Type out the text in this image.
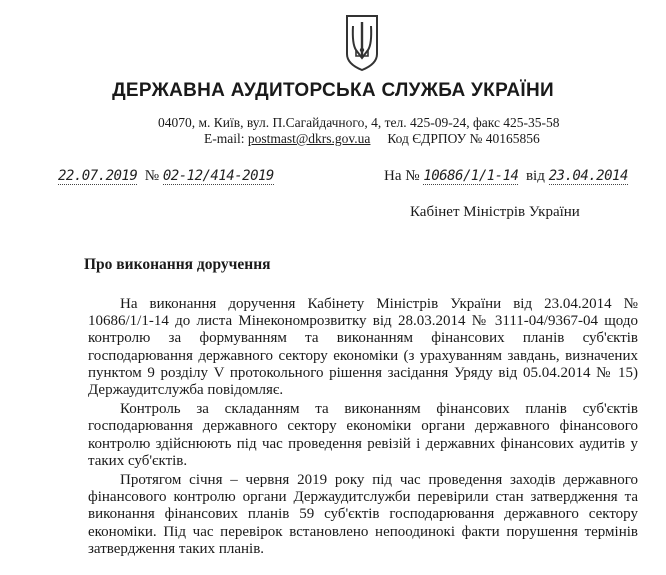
ДЕРЖАВНА АУДИТОРСЬКА СЛУЖБА УКРАЇНИ
04070, м. Київ, вул. П.Сагайдачного, 4, тел. 425-09-24, факс 425-35-58
E-mail: postmast@dkrs.gov.ua Код ЄДРПОУ № 40165856
22.07.2019 № 02-12/414-2019	На № 10686/1/1-14 від 23.04.2014
Кабінет Міністрів України
Про виконання доручення

На виконання доручення Кабінету Міністрів України від 23.04.2014 № 10686/1/1-14 до листа Мінекономрозвитку від 28.03.2014 № 3111-04/9367-04 щодо контролю за формуванням та виконанням фінансових планів суб'єктів господарювання державного сектору економіки (з урахуванням завдань, визначених пунктом 9 розділу V протокольного рішення засідання Уряду від 05.04.2014 № 15) Держаудитслужба повідомляє.

Контроль за складанням та виконанням фінансових планів суб'єктів господарювання державного сектору економіки органи державного фінансового контролю здійснюють під час проведення ревізій і державних фінансових аудитів у таких суб'єктів.

Протягом січня – червня 2019 року під час проведення заходів державного фінансового контролю органи Держаудитслужби перевірили стан затвердження та виконання фінансових планів 59 суб'єктів господарювання державного сектору економіки. Під час перевірок встановлено непоодинокі факти порушення термінів затвердження таких планів.
